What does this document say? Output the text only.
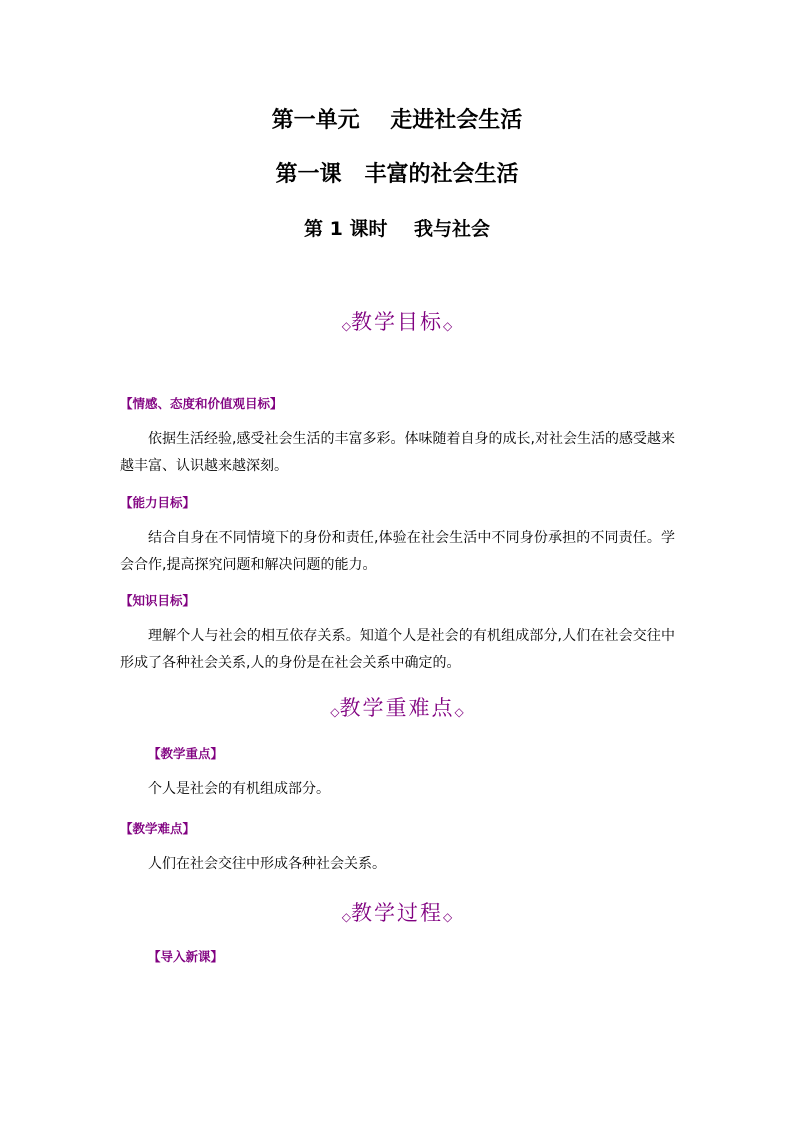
第一单元    走进社会生活
第一课   丰富的社会生活
第 1 课时    我与社会
◇教学目标◇
【情感、态度和价值观目标】
依据生活经验,感受社会生活的丰富多彩。体味随着自身的成长,对社会生活的感受越来越丰富、认识越来越深刻。
【能力目标】
结合自身在不同情境下的身份和责任,体验在社会生活中不同身份承担的不同责任。学会合作,提高探究问题和解决问题的能力。
【知识目标】
理解个人与社会的相互依存关系。知道个人是社会的有机组成部分,人们在社会交往中形成了各种社会关系,人的身份是在社会关系中确定的。
◇教学重难点◇
【教学重点】
个人是社会的有机组成部分。
【教学难点】
人们在社会交往中形成各种社会关系。
◇教学过程◇
【导入新课】
